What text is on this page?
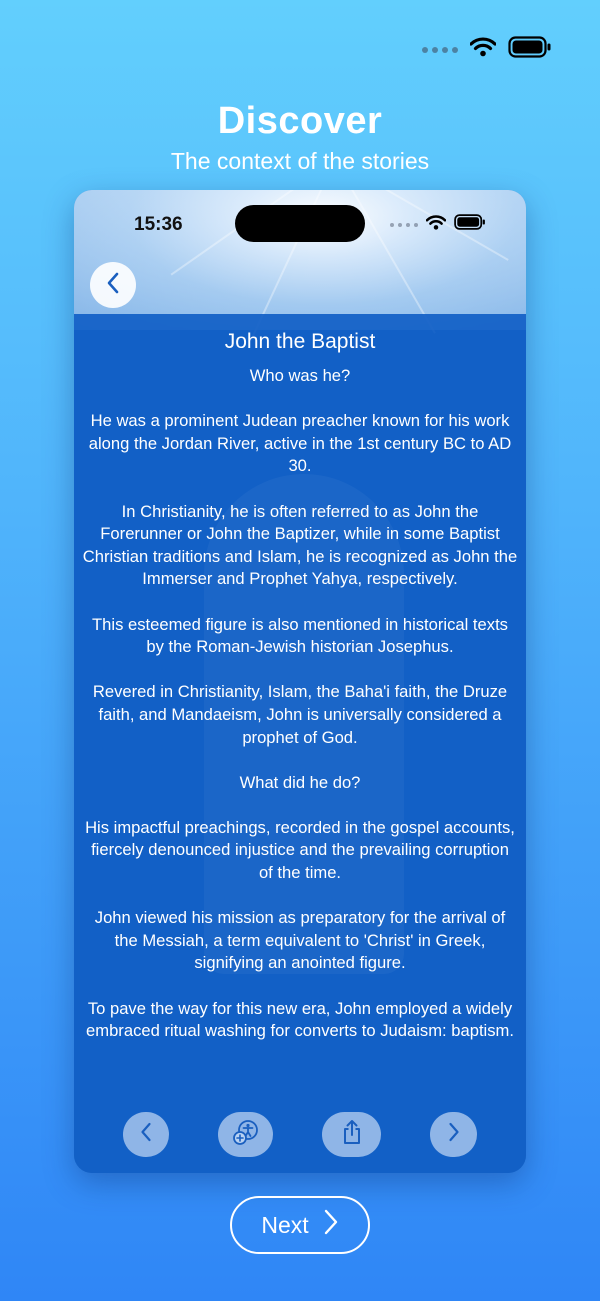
Discover
The context of the stories
15:36
John the Baptist

Who was he?

He was a prominent Judean preacher known for his work along the Jordan River, active in the 1st century BC to AD 30.

In Christianity, he is often referred to as John the Forerunner or John the Baptizer, while in some Baptist Christian traditions and Islam, he is recognized as John the Immerser and Prophet Yahya, respectively.

This esteemed figure is also mentioned in historical texts by the Roman-Jewish historian Josephus.

Revered in Christianity, Islam, the Baha'i faith, the Druze faith, and Mandaeism, John is universally considered a prophet of God.

What did he do?

His impactful preachings, recorded in the gospel accounts, fiercely denounced injustice and the prevailing corruption of the time.

John viewed his mission as preparatory for the arrival of the Messiah, a term equivalent to 'Christ' in Greek, signifying an anointed figure.

To pave the way for this new era, John employed a widely embraced ritual washing for converts to Judaism: baptism.

Next
